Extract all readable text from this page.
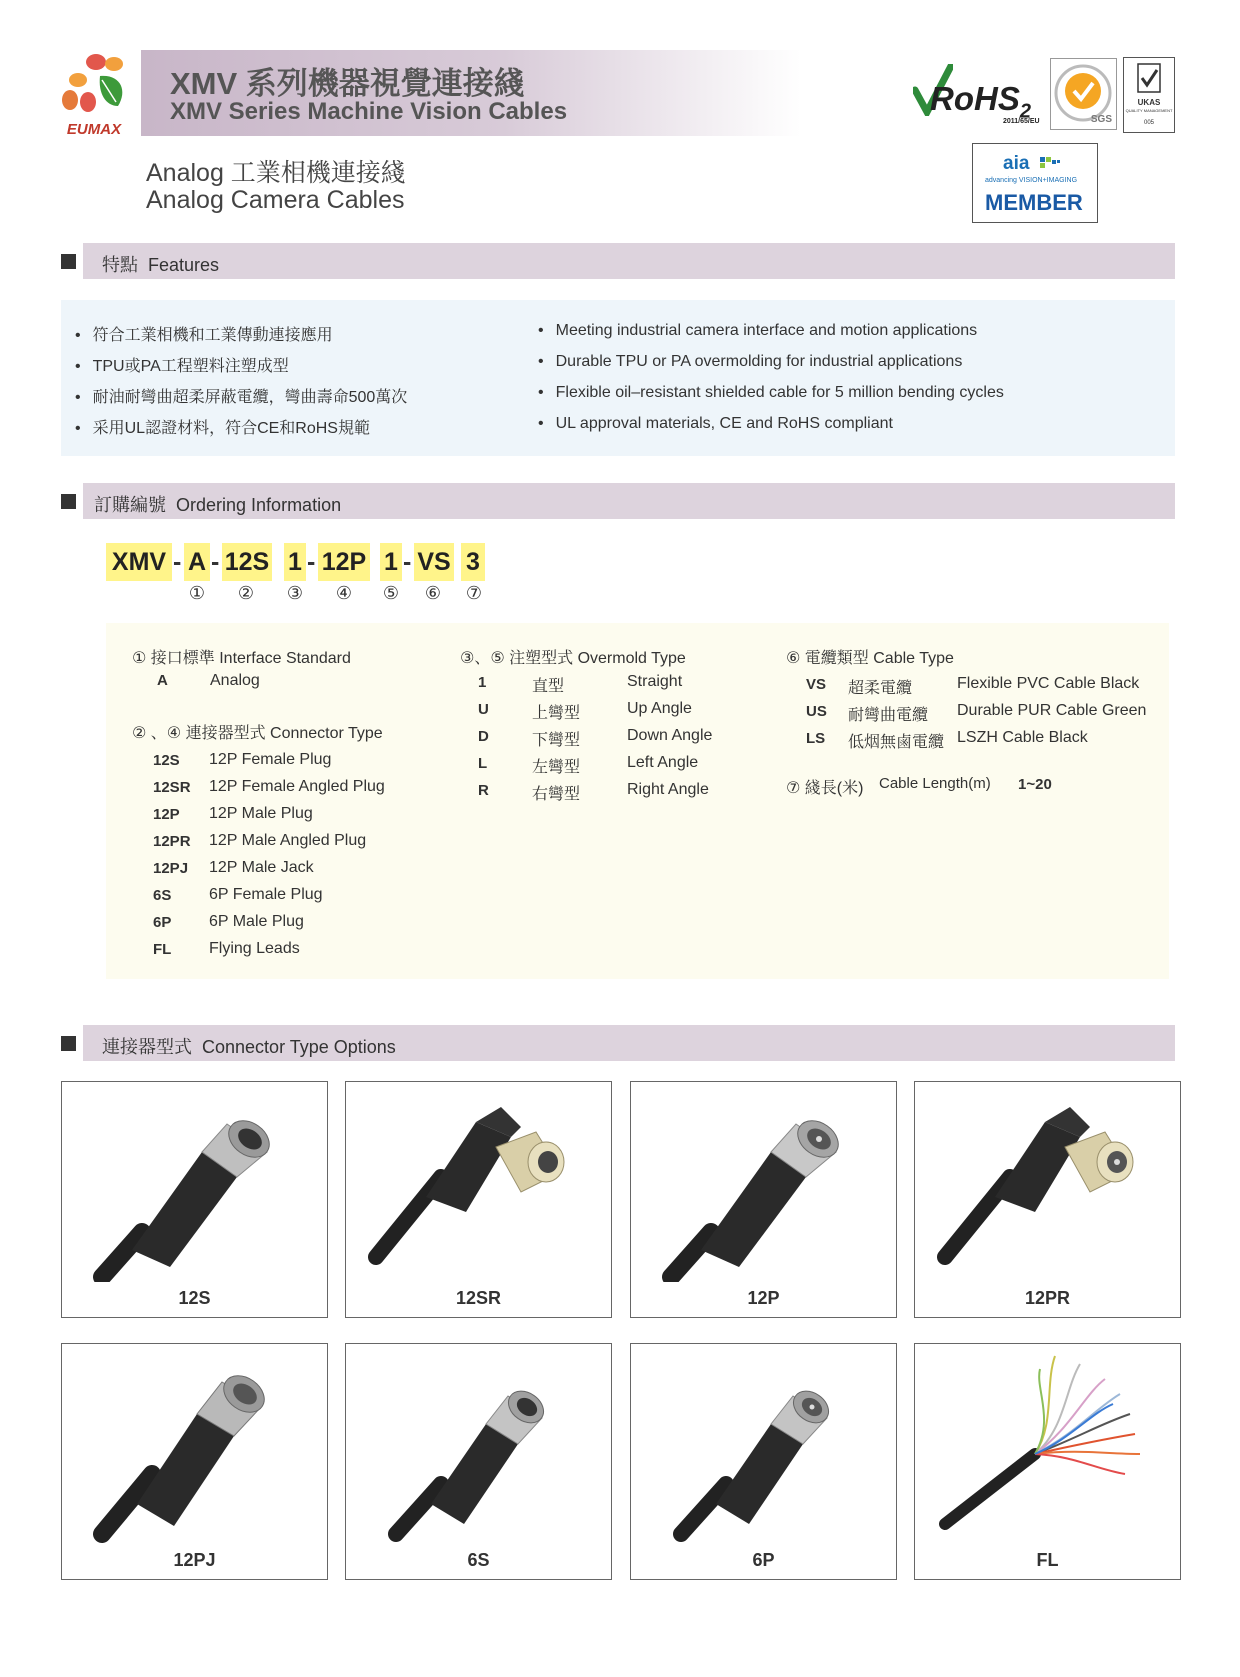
EUMAX
XMV 系列機器視覺連接綫
XMV Series Machine Vision Cables
Analog 工業相機連接綫
Analog Camera Cables
RoHS$_2$
2011/65/EU	SGS
UKAS
QUALITY MANAGEMENT
005
aia
advancing VISION+IMAGING
MEMBER
特點 Features
• 符合工業相機和工業傳動連接應用
• TPU或PA工程塑料注塑成型
• 耐油耐彎曲超柔屏蔽電纜，彎曲壽命500萬次
• 采用UL認證材料，符合CE和RoHS規範
• Meeting industrial camera interface and motion applications
• Durable TPU or PA overmolding for industrial applications
• Flexible oil–resistant shielded cable for 5 million bending cycles
• UL approval materials, CE and RoHS compliant
訂購編號 Ordering Information
XMV - A - 12S 1 - 12P 1 - VS 3
① ② ③ ④ ⑤ ⑥ ⑦
① 接口標準 Interface Standard
A	Analog
② 、④ 連接器型式 Connector Type
12S 12P Female Plug
12SR 12P Female Angled Plug
12P 12P Male Plug
12PR 12P Male Angled Plug
12PJ 12P Male Jack
6S 6P Female Plug
6P 6P Male Plug
FL Flying Leads
③、⑤ 注塑型式 Overmold Type
1	直型	Straight
U	上彎型	Up Angle
D	下彎型	Down Angle
L	左彎型	Left Angle
R	右彎型	Right Angle
⑥ 電纜類型 Cable Type
VS 超柔電纜	Flexible PVC Cable Black
US 耐彎曲電纜 Durable PUR Cable Green
LS 低烟無鹵電纜 LSZH Cable Black
⑦ 綫長(米) Cable Length(m) 1~20
連接器型式 Connector Type Options
12S	12SR	12P	12PR
12PJ	6S	6P	FL
